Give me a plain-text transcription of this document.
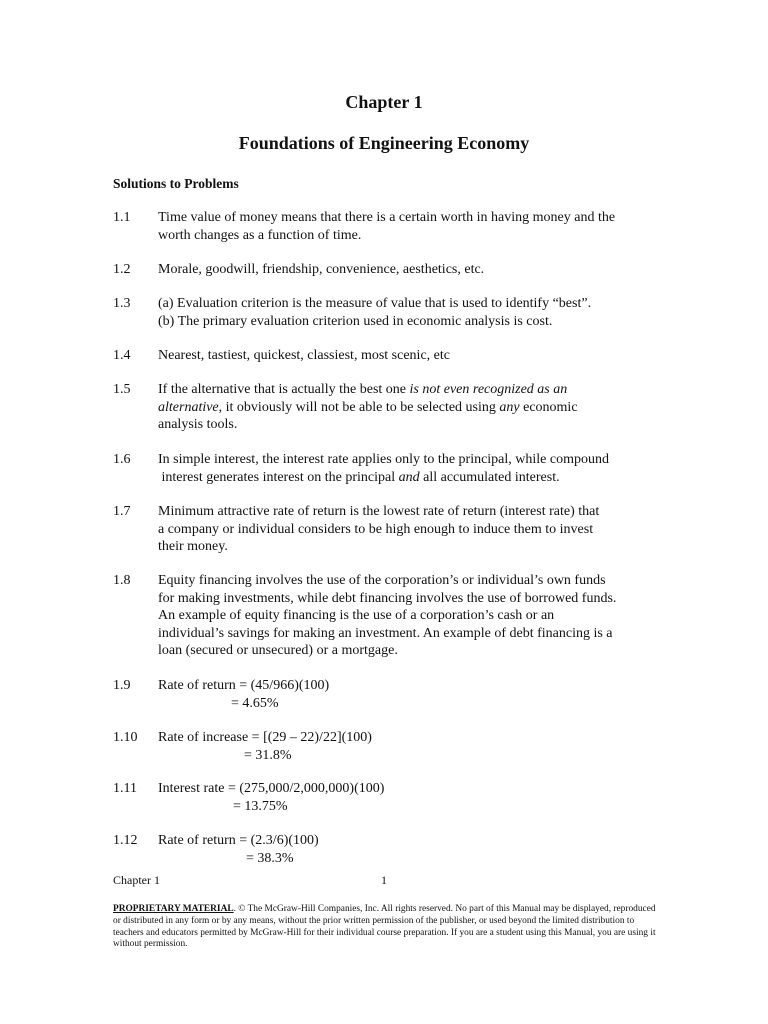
Chapter 1
Foundations of Engineering Economy
Solutions to Problems
1.1 Time value of money means that there is a certain worth in having money and the
worth changes as a function of time.
1.2 Morale, goodwill, friendship, convenience, aesthetics, etc.
1.3 (a) Evaluation criterion is the measure of value that is used to identify “best”.
(b) The primary evaluation criterion used in economic analysis is cost.
1.4 Nearest, tastiest, quickest, classiest, most scenic, etc
1.5 If the alternative that is actually the best one is not even recognized as an
alternative, it obviously will not be able to be selected using any economic
analysis tools.
1.6 In simple interest, the interest rate applies only to the principal, while compound
interest generates interest on the principal and all accumulated interest.
1.7 Minimum attractive rate of return is the lowest rate of return (interest rate) that
a company or individual considers to be high enough to induce them to invest
their money.
1.8 Equity financing involves the use of the corporation’s or individual’s own funds
for making investments, while debt financing involves the use of borrowed funds.
An example of equity financing is the use of a corporation’s cash or an
individual’s savings for making an investment. An example of debt financing is a
loan (secured or unsecured) or a mortgage.
1.9 Rate of return = (45/966)(100)
= 4.65%
1.10 Rate of increase = [(29 – 22)/22](100)
= 31.8%
1.11 Interest rate = (275,000/2,000,000)(100)
= 13.75%
1.12 Rate of return = (2.3/6)(100)
= 38.3%
Chapter 1	1
PROPRIETARY MATERIAL. © The McGraw-Hill Companies, Inc. All rights reserved. No part of this Manual may be displayed, reproduced or distributed in any form or by any means, without the prior written permission of the publisher, or used beyond the limited distribution to teachers and educators permitted by McGraw-Hill for their individual course preparation. If you are a student using this Manual, you are using it without permission.
